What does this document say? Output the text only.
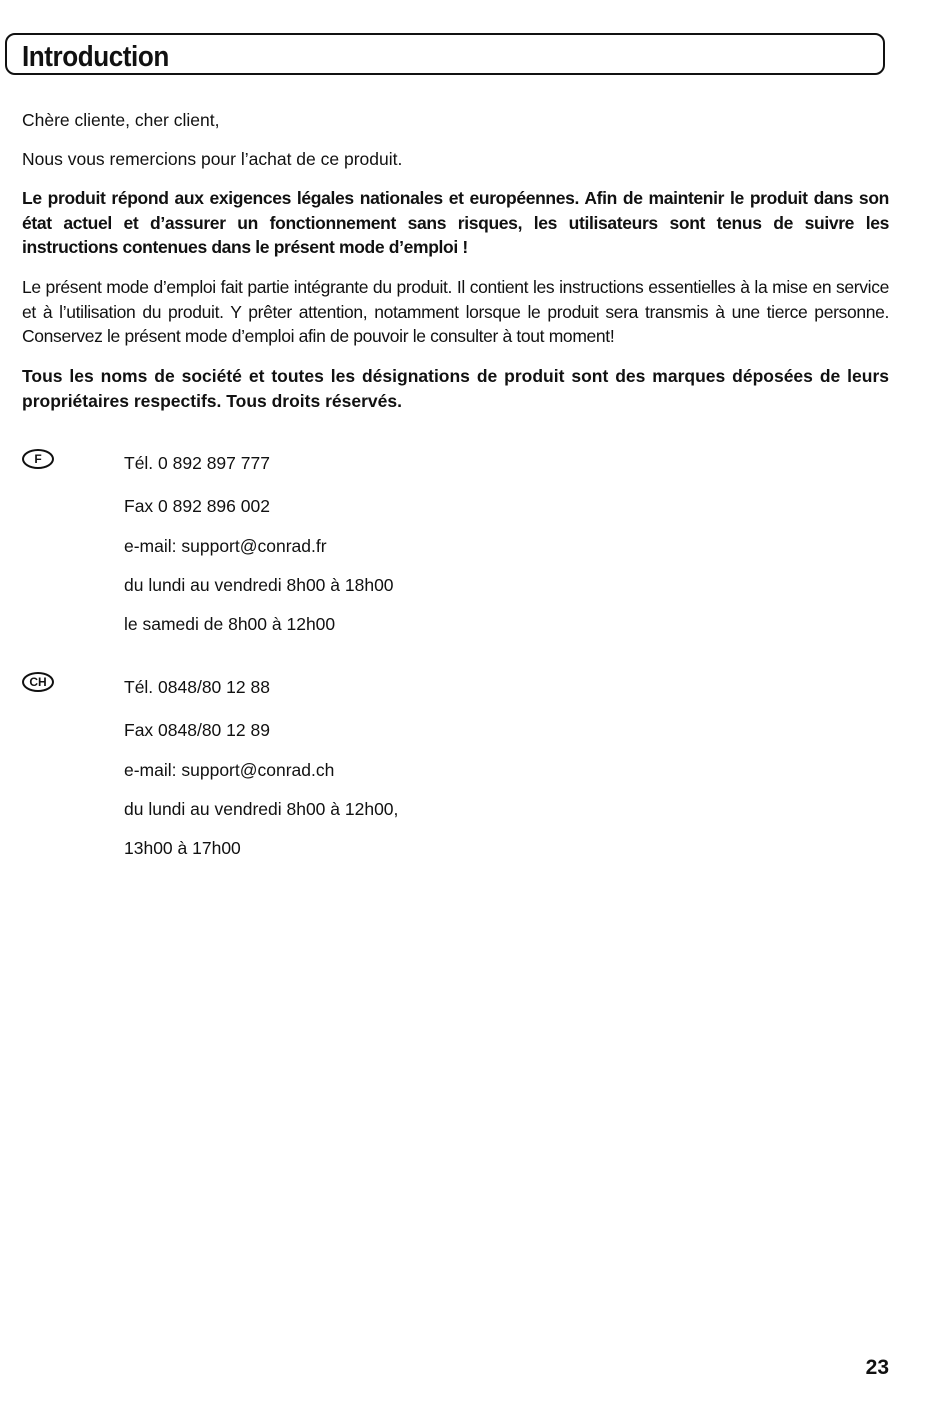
Introduction
Chère cliente, cher client,
Nous vous remercions pour l’achat de ce produit.
Le produit répond aux exigences légales nationales et européennes. Afin de maintenir le produit dans son état actuel et d’assurer un fonctionnement sans risques, les utilisateurs sont tenus de suivre les instructions contenues dans le présent mode d’emploi !
Le présent mode d’emploi fait partie intégrante du produit. Il contient les instructions essentielles à la mise en service et à l’utilisation du produit. Y prêter attention, notamment lorsque le produit sera transmis à une tierce personne. Conservez le présent mode d’emploi afin de pouvoir le consulter à tout moment!
Tous les noms de société et toutes les désignations de produit sont des marques déposées de leurs propriétaires respectifs. Tous droits réservés.
F	Tél. 0 892 897 777
Fax 0 892 896 002
e-mail: support@conrad.fr
du lundi au vendredi 8h00 à 18h00
le samedi de 8h00 à 12h00
CH	Tél. 0848/80 12 88
Fax 0848/80 12 89
e-mail: support@conrad.ch
du lundi au vendredi 8h00 à 12h00,
13h00 à 17h00
23
